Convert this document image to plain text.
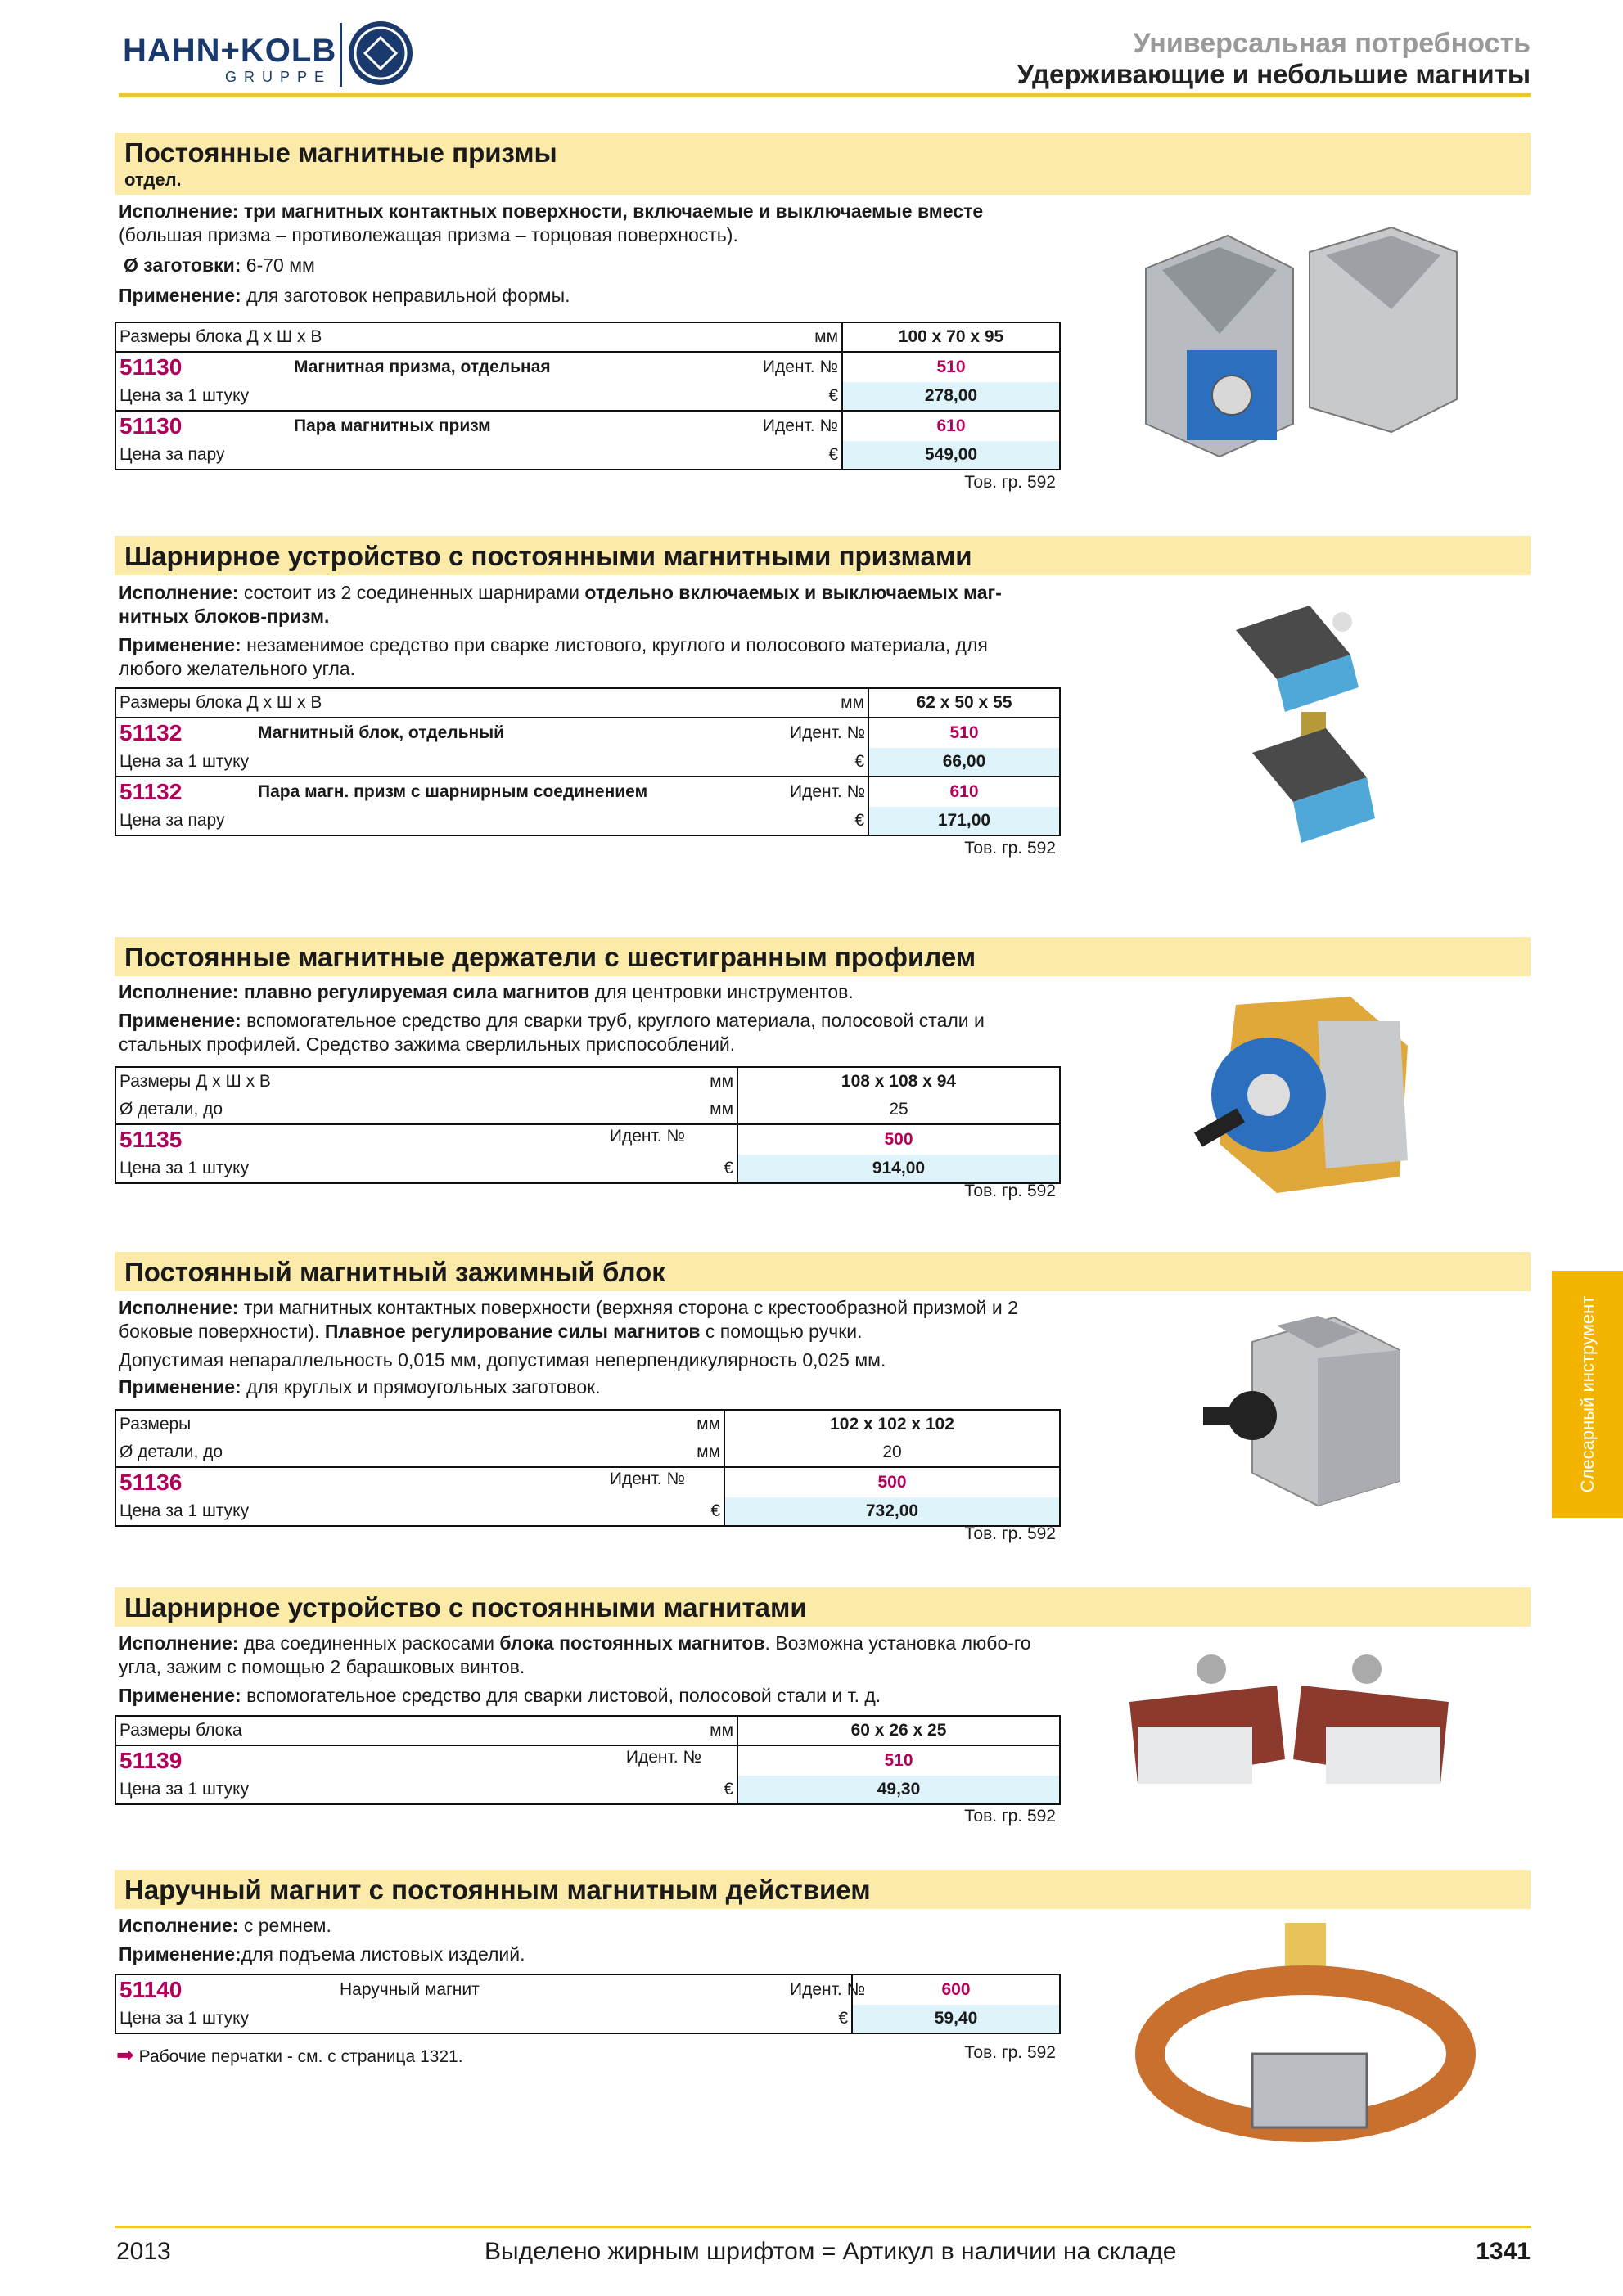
HAHN+KOLB
GRUPPE
Универсальная потребность
Удерживающие и небольшие магниты
Постоянные магнитные призмы
отдел.
Исполнение: три магнитных контактных поверхности, включаемые и выключаемые вместе
(большая призма – противолежащая призма – торцовая поверхность).
Ø заготовки: 6-70 мм
Применение: для заготовок неправильной формы.
Размеры блока Д x Ш x В		мм	100 x 70 x 95
51130	Магнитная призма, отдельная	Идент. №	510
Цена за 1 штуку		€	278,00
51130	Пара магнитных призм	Идент. №	610
Цена за пару		€	549,00
Тов. гр. 592
Шарнирное устройство с постоянными магнитными призмами
Исполнение: состоит из 2 соединенных шарнирами отдельно включаемых и выключаемых маг-нитных блоков-призм.
Применение: незаменимое средство при сварке листового, круглого и полосового материала, для любого желательного угла.
Размеры блока Д x Ш x В		мм	62 x 50 x 55
51132	Магнитный блок, отдельный	Идент. №	510
Цена за 1 штуку		€	66,00
51132	Пара магн. призм с шарнирным соединением	Идент. №	610
Цена за пару		€	171,00
Тов. гр. 592
Постоянные магнитные держатели с шестигранным профилем
Исполнение: плавно регулируемая сила магнитов для центровки инструментов.
Применение: вспомогательное средство для сварки труб, круглого материала, полосовой стали и стальных профилей. Средство зажима сверлильных приспособлений.
Размеры Д x Ш x В	мм	108 x 108 x 94
Ø детали, до	мм	25
51135 Идент. №		500
Цена за 1 штуку	€	914,00
Тов. гр. 592
Постоянный магнитный зажимный блок
Исполнение: три магнитных контактных поверхности (верхняя сторона с крестообразной призмой и 2 боковые поверхности). Плавное регулирование силы магнитов с помощью ручки.
Допустимая непараллельность 0,015 мм, допустимая неперпендикулярность 0,025 мм.
Применение: для круглых и прямоугольных заготовок.
Размеры	мм	102 x 102 x 102
Ø детали, до	мм	20
51136 Идент. №		500
Цена за 1 штуку	€	732,00
Тов. гр. 592
Шарнирное устройство с постоянными магнитами
Исполнение: два соединенных раскосами блока постоянных магнитов. Возможна установка любо-го угла, зажим с помощью 2 барашковых винтов.
Применение: вспомогательное средство для сварки листовой, полосовой стали и т. д.
Размеры блока	мм	60 x 26 x 25
51139 Идент. №		510
Цена за 1 штуку	€	49,30
Тов. гр. 592
Наручный магнит с постоянным магнитным действием
Исполнение: с ремнем.
Применение:для подъема листовых изделий.
51140	Наручный магнит	Идент. №	600
Цена за 1 штуку		€	59,40
➡ Рабочие перчатки - см. с страница 1321.	Тов. гр. 592
Слесарный инструмент
2013	Выделено жирным шрифтом = Артикул в наличии на складе	1341
